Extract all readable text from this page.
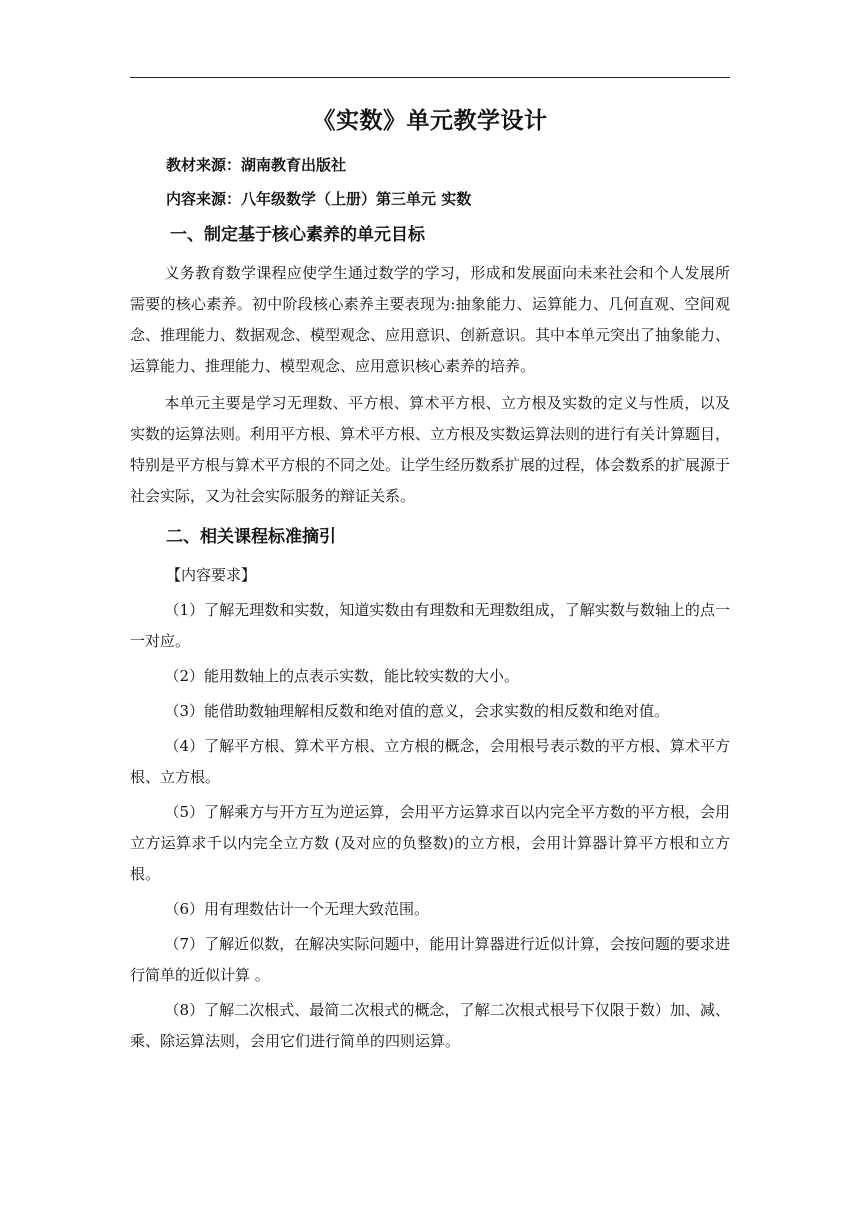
《实数》单元教学设计

教材来源：湖南教育出版社

内容来源：八年级数学（上册）第三单元 实数

一、制定基于核心素养的单元目标

义务教育数学课程应使学生通过数学的学习，形成和发展面向未来社会和个人发展所需要的核心素养。初中阶段核心素养主要表现为:抽象能力、运算能力、几何直观、空间观念、推理能力、数据观念、模型观念、应用意识、创新意识。其中本单元突出了抽象能力、运算能力、推理能力、模型观念、应用意识核心素养的培养。

本单元主要是学习无理数、平方根、算术平方根、立方根及实数的定义与性质，以及实数的运算法则。利用平方根、算术平方根、立方根及实数运算法则的进行有关计算题目，特别是平方根与算术平方根的不同之处。让学生经历数系扩展的过程，体会数系的扩展源于社会实际，又为社会实际服务的辩证关系。

二、相关课程标准摘引

【内容要求】

（1）了解无理数和实数，知道实数由有理数和无理数组成，了解实数与数轴上的点一一对应。

（2）能用数轴上的点表示实数，能比较实数的大小。

（3）能借助数轴理解相反数和绝对值的意义，会求实数的相反数和绝对值。

（4）了解平方根、算术平方根、立方根的概念，会用根号表示数的平方根、算术平方根、立方根。

（5）了解乘方与开方互为逆运算，会用平方运算求百以内完全平方数的平方根，会用立方运算求千以内完全立方数 (及对应的负整数)的立方根，会用计算器计算平方根和立方根。

（6）用有理数估计一个无理大致范围。

（7）了解近似数，在解决实际问题中，能用计算器进行近似计算，会按问题的要求进行简单的近似计算 。

（8）了解二次根式、最简二次根式的概念，了解二次根式根号下仅限于数）加、减、乘、除运算法则，会用它们进行简单的四则运算。
